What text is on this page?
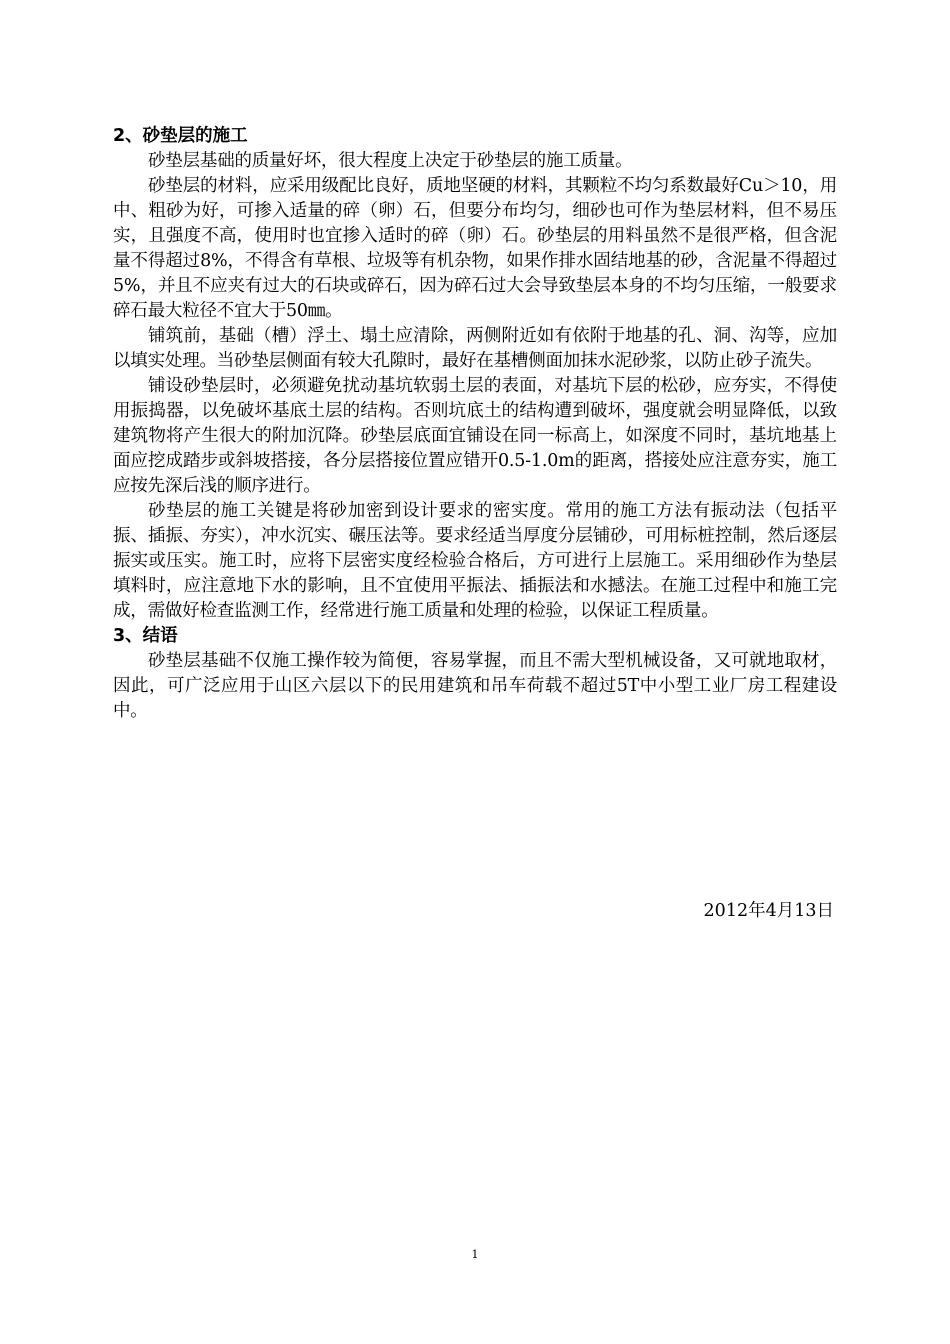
2、砂垫层的施工

砂垫层基础的质量好坏，很大程度上决定于砂垫层的施工质量。

砂垫层的材料，应采用级配比良好，质地坚硬的材料，其颗粒不均匀系数最好Cu＞10，用中、粗砂为好，可掺入适量的碎（卵）石，但要分布均匀，细砂也可作为垫层材料，但不易压实，且强度不高，使用时也宜掺入适时的碎（卵）石。砂垫层的用料虽然不是很严格，但含泥量不得超过8%，不得含有草根、垃圾等有机杂物，如果作排水固结地基的砂，含泥量不得超过5%，并且不应夹有过大的石块或碎石，因为碎石过大会导致垫层本身的不均匀压缩，一般要求碎石最大粒径不宜大于50㎜。

铺筑前，基础（槽）浮土、塌土应清除，两侧附近如有依附于地基的孔、洞、沟等，应加以填实处理。当砂垫层侧面有较大孔隙时，最好在基槽侧面加抹水泥砂浆，以防止砂子流失。

铺设砂垫层时，必须避免扰动基坑软弱土层的表面，对基坑下层的松砂，应夯实，不得使用振捣器，以免破坏基底土层的结构。否则坑底土的结构遭到破坏，强度就会明显降低，以致建筑物将产生很大的附加沉降。砂垫层底面宜铺设在同一标高上，如深度不同时，基坑地基上面应挖成踏步或斜坡搭接，各分层搭接位置应错开0.5-1.0m的距离，搭接处应注意夯实，施工应按先深后浅的顺序进行。

砂垫层的施工关键是将砂加密到设计要求的密实度。常用的施工方法有振动法（包括平振、插振、夯实），冲水沉实、碾压法等。要求经适当厚度分层铺砂，可用标桩控制，然后逐层振实或压实。施工时，应将下层密实度经检验合格后，方可进行上层施工。采用细砂作为垫层填料时，应注意地下水的影响，且不宜使用平振法、插振法和水撼法。在施工过程中和施工完成，需做好检查监测工作，经常进行施工质量和处理的检验，以保证工程质量。

3、结语

砂垫层基础不仅施工操作较为简便，容易掌握，而且不需大型机械设备，又可就地取材，因此，可广泛应用于山区六层以下的民用建筑和吊车荷载不超过5T中小型工业厂房工程建设中。

2012年4月13日
1
